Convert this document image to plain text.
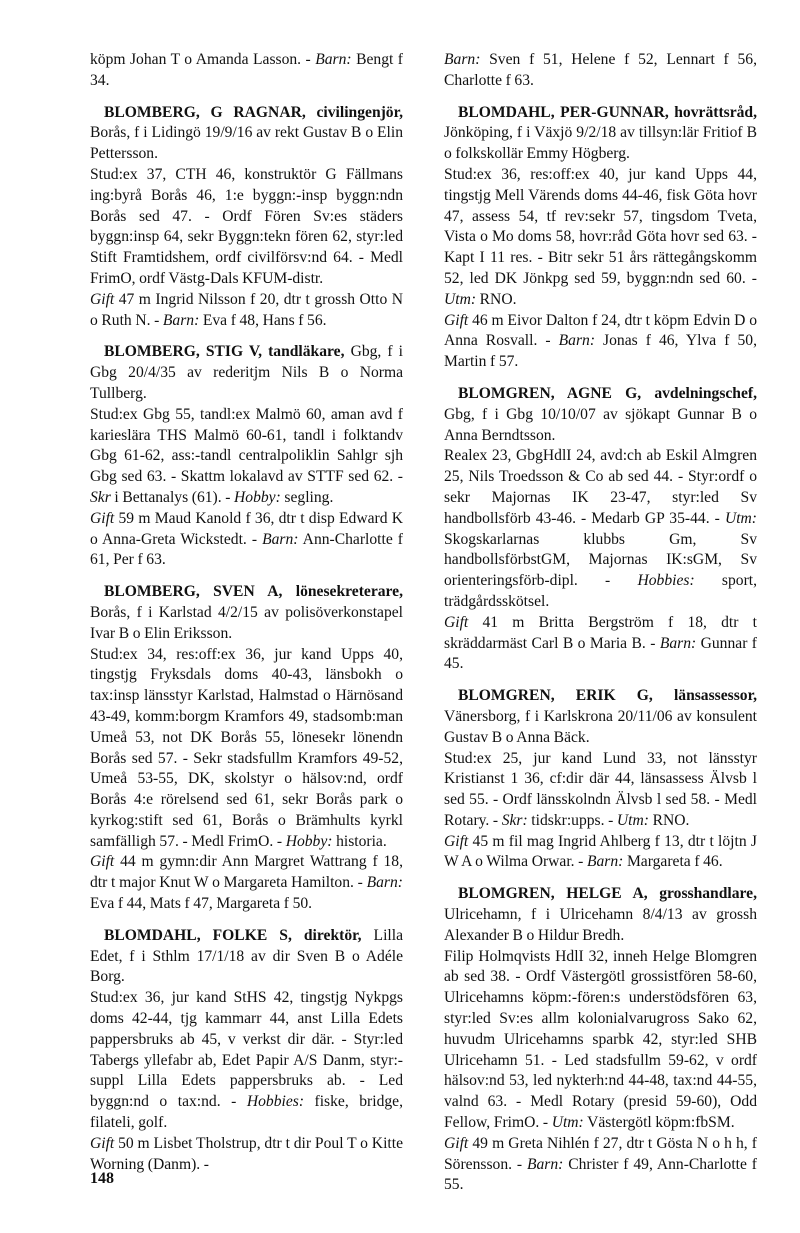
köpm Johan T o Amanda Lasson. - Barn: Bengt f 34.

BLOMBERG, G RAGNAR, civilingenjör, Borås, f i Lidingö 19/9/16 av rekt Gustav B o Elin Pettersson.

Stud:ex 37, CTH 46, konstruktör G Fällmans ing:byrå Borås 46, 1:e byggn:-insp byggn:ndn Borås sed 47. - Ordf Fören Sv:es städers byggn:insp 64, sekr Byggn:tekn fören 62, styr:led Stift Framtidshem, ordf civilförsv:nd 64. - Medl FrimO, ordf Västg-Dals KFUM-distr.

Gift 47 m Ingrid Nilsson f 20, dtr t grossh Otto N o Ruth N. - Barn: Eva f 48, Hans f 56.

BLOMBERG, STIG V, tandläkare, Gbg, f i Gbg 20/4/35 av rederitjm Nils B o Norma Tullberg.

Stud:ex Gbg 55, tandl:ex Malmö 60, aman avd f karieslära THS Malmö 60-61, tandl i folktandv Gbg 61-62, ass:-tandl centralpoliklin Sahlgr sjh Gbg sed 63. - Skattm lokalavd av STTF sed 62. - Skr i Bettanalys (61). - Hobby: segling.

Gift 59 m Maud Kanold f 36, dtr t disp Edward K o Anna-Greta Wickstedt. - Barn: Ann-Charlotte f 61, Per f 63.

BLOMBERG, SVEN A, lönesekreterare, Borås, f i Karlstad 4/2/15 av polisöverkonstapel Ivar B o Elin Eriksson.

Stud:ex 34, res:off:ex 36, jur kand Upps 40, tingstjg Fryksdals doms 40-43, länsbokh o tax:insp länsstyr Karlstad, Halmstad o Härnösand 43-49, komm:borgm Kramfors 49, stadsomb:man Umeå 53, not DK Borås 55, lönesekr lönendn Borås sed 57. - Sekr stadsfullm Kramfors 49-52, Umeå 53-55, DK, skolstyr o hälsov:nd, ordf Borås 4:e rörelsend sed 61, sekr Borås park o kyrkog:stift sed 61, Borås o Brämhults kyrkl samfälligh 57. - Medl FrimO. - Hobby: historia.

Gift 44 m gymn:dir Ann Margret Wattrang f 18, dtr t major Knut W o Margareta Hamilton. - Barn: Eva f 44, Mats f 47, Margareta f 50.

BLOMDAHL, FOLKE S, direktör, Lilla Edet, f i Sthlm 17/1/18 av dir Sven B o Adéle Borg.

Stud:ex 36, jur kand StHS 42, tingstjg Nykpgs doms 42-44, tjg kammarr 44, anst Lilla Edets pappersbruks ab 45, v verkst dir där. - Styr:led Tabergs yllefabr ab, Edet Papir A/S Danm, styr:-suppl Lilla Edets pappersbruks ab. - Led byggn:nd o tax:nd. - Hobbies: fiske, bridge, filateli, golf.

Gift 50 m Lisbet Tholstrup, dtr t dir Poul T o Kitte Worning (Danm). -

Barn: Sven f 51, Helene f 52, Lennart f 56, Charlotte f 63.

BLOMDAHL, PER-GUNNAR, hovrättsråd, Jönköping, f i Växjö 9/2/18 av tillsyn:lär Fritiof B o folkskollär Emmy Högberg.

Stud:ex 36, res:off:ex 40, jur kand Upps 44, tingstjg Mell Värends doms 44-46, fisk Göta hovr 47, assess 54, tf rev:sekr 57, tingsdom Tveta, Vista o Mo doms 58, hovr:råd Göta hovr sed 63. - Kapt I 11 res. - Bitr sekr 51 års rättegångskomm 52, led DK Jönkpg sed 59, byggn:ndn sed 60. - Utm: RNO.

Gift 46 m Eivor Dalton f 24, dtr t köpm Edvin D o Anna Rosvall. - Barn: Jonas f 46, Ylva f 50, Martin f 57.

BLOMGREN, AGNE G, avdelningschef, Gbg, f i Gbg 10/10/07 av sjökapt Gunnar B o Anna Berndtsson.

Realex 23, GbgHdlI 24, avd:ch ab Eskil Almgren 25, Nils Troedsson & Co ab sed 44. - Styr:ordf o sekr Majornas IK 23-47, styr:led Sv handbollsförb 43-46. - Medarb GP 35-44. - Utm: Skogskarlarnas klubbs Gm, Sv handbollsförbstGM, Majornas IK:sGM, Sv orienteringsförb-dipl. - Hobbies: sport, trädgårdsskötsel.

Gift 41 m Britta Bergström f 18, dtr t skräddarmäst Carl B o Maria B. - Barn: Gunnar f 45.

BLOMGREN, ERIK G, länsassessor, Vänersborg, f i Karlskrona 20/11/06 av konsulent Gustav B o Anna Bäck.

Stud:ex 25, jur kand Lund 33, not länsstyr Kristianst 1 36, cf:dir där 44, länsassess Älvsb l sed 55. - Ordf länsskolndn Älvsb l sed 58. - Medl Rotary. - Skr: tidskr:upps. - Utm: RNO.

Gift 45 m fil mag Ingrid Ahlberg f 13, dtr t löjtn J W A o Wilma Orwar. - Barn: Margareta f 46.

BLOMGREN, HELGE A, grosshandlare, Ulricehamn, f i Ulricehamn 8/4/13 av grossh Alexander B o Hildur Bredh.

Filip Holmqvists HdlI 32, inneh Helge Blomgren ab sed 38. - Ordf Västergötl grossistfören 58-60, Ulricehamns köpm:-fören:s understödsfören 63, styr:led Sv:es allm kolonialvarugross Sako 62, huvudm Ulricehamns sparbk 42, styr:led SHB Ulricehamn 51. - Led stadsfullm 59-62, v ordf hälsov:nd 53, led nykterh:nd 44-48, tax:nd 44-55, valnd 63. - Medl Rotary (presid 59-60), Odd Fellow, FrimO. - Utm: Västergötl köpm:fbSM.

Gift 49 m Greta Nihlén f 27, dtr t Gösta N o h h, f Sörensson. - Barn: Christer f 49, Ann-Charlotte f 55.

148
